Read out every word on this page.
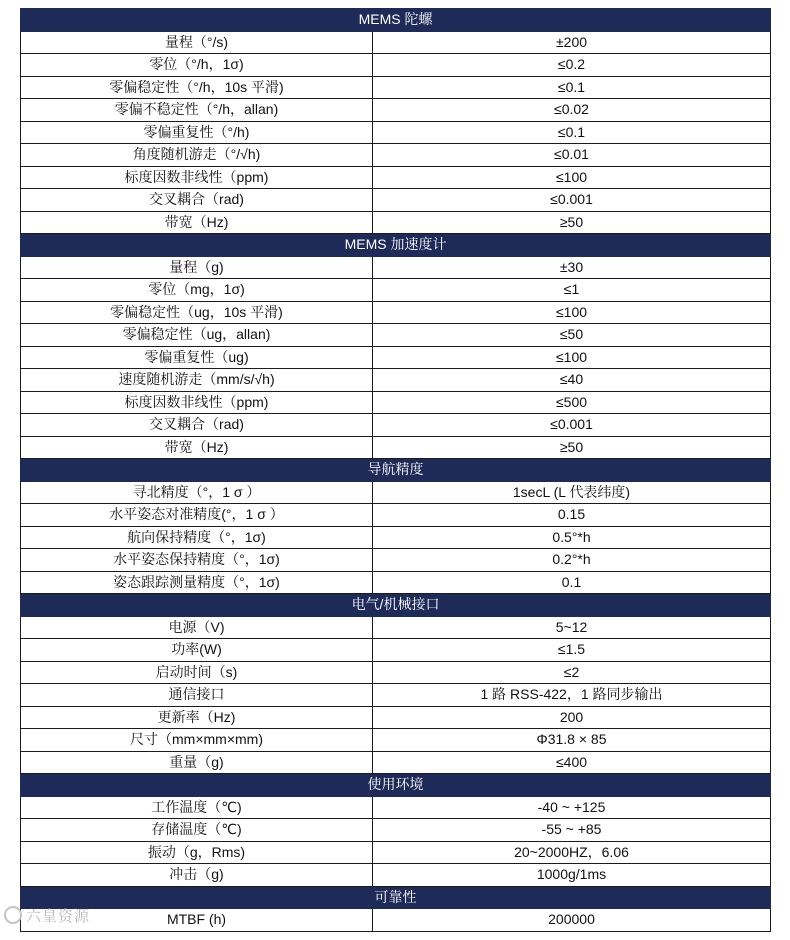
MEMS 陀螺	
量程（°/s)	±200
零位（°/h，1σ)	≤0.2
零偏稳定性（°/h，10s 平滑)	≤0.1
零偏不稳定性（°/h，allan)	≤0.02
零偏重复性（°/h)	≤0.1
角度随机游走（°/√h)	≤0.01
标度因数非线性（ppm)	≤100
交叉耦合（rad)	≤0.001
带宽（Hz)	≥50
MEMS 加速度计	
量程（g)	±30
零位（mg，1σ)	≤1
零偏稳定性（ug，10s 平滑)	≤100
零偏稳定性（ug，allan)	≤50
零偏重复性（ug)	≤100
速度随机游走（mm/s/√h)	≤40
标度因数非线性（ppm)	≤500
交叉耦合（rad)	≤0.001
带宽（Hz)	≥50
导航精度	
寻北精度（°，1 σ ）	1secL (L 代表纬度)
水平姿态对准精度(°，1 σ ）	0.15
航向保持精度（°，1σ)	0.5°*h
水平姿态保持精度（°，1σ)	0.2°*h
姿态跟踪测量精度（°，1σ)	0.1
电气/机械接口	
电源（V)	5~12
功率(W)	≤1.5
启动时间（s)	≤2
通信接口	1 路 RSS-422，1 路同步输出
更新率（Hz)	200
尺寸（mm×mm×mm)	Φ31.8 × 85
重量（g)	≤400
使用环境	
工作温度（℃)	-40 ~ +125
存储温度（℃)	-55 ~ +85
振动（g，Rms)	20~2000HZ，6.06
冲击（g)	1000g/1ms
可靠性	
MTBF (h)	200000
六皇资源
